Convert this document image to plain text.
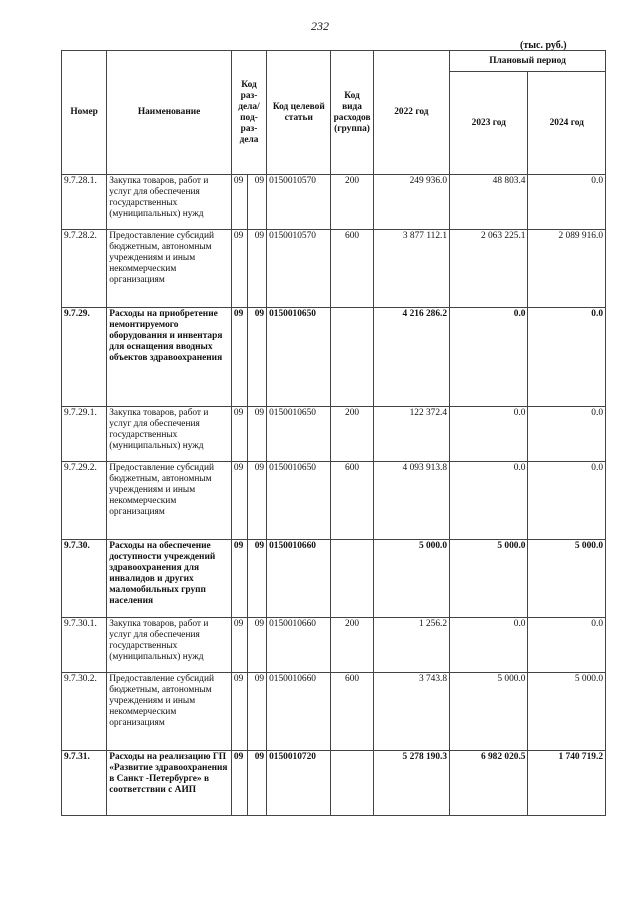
232
(тыс. руб.)
Номер	Наименование	Код раз-дела/ под-раз-дела		Код целевой статьи	Код вида расходов (группа)	2022 год	Плановый период	
							2023 год	2024 год
9.7.28.1.	Закупка товаров, работ и услуг для обеспечения государственных (муниципальных) нужд	09	09	0150010570	200	249 936.0	48 803.4	0.0
9.7.28.2.	Предоставление субсидий бюджетным, автономным учреждениям и иным некоммерческим организациям	09	09	0150010570	600	3 877 112.1	2 063 225.1	2 089 916.0
9.7.29.	Расходы на приобретение немонтируемого оборудования и инвентаря для оснащения вводных объектов здравоохранения	09	09	0150010650		4 216 286.2	0.0	0.0
9.7.29.1.	Закупка товаров, работ и услуг для обеспечения государственных (муниципальных) нужд	09	09	0150010650	200	122 372.4	0.0	0.0
9.7.29.2.	Предоставление субсидий бюджетным, автономным учреждениям и иным некоммерческим организациям	09	09	0150010650	600	4 093 913.8	0.0	0.0
9.7.30.	Расходы на обеспечение доступности учреждений здравоохранения для инвалидов и других маломобильных групп населения	09	09	0150010660		5 000.0	5 000.0	5 000.0
9.7.30.1.	Закупка товаров, работ и услуг для обеспечения государственных (муниципальных) нужд	09	09	0150010660	200	1 256.2	0.0	0.0
9.7.30.2.	Предоставление субсидий бюджетным, автономным учреждениям и иным некоммерческим организациям	09	09	0150010660	600	3 743.8	5 000.0	5 000.0
9.7.31.	Расходы на реализацию ГП «Развитие здравоохранения в Санкт -Петербурге» в соответствии с АИП	09	09	0150010720		5 278 190.3	6 982 020.5	1 740 719.2
